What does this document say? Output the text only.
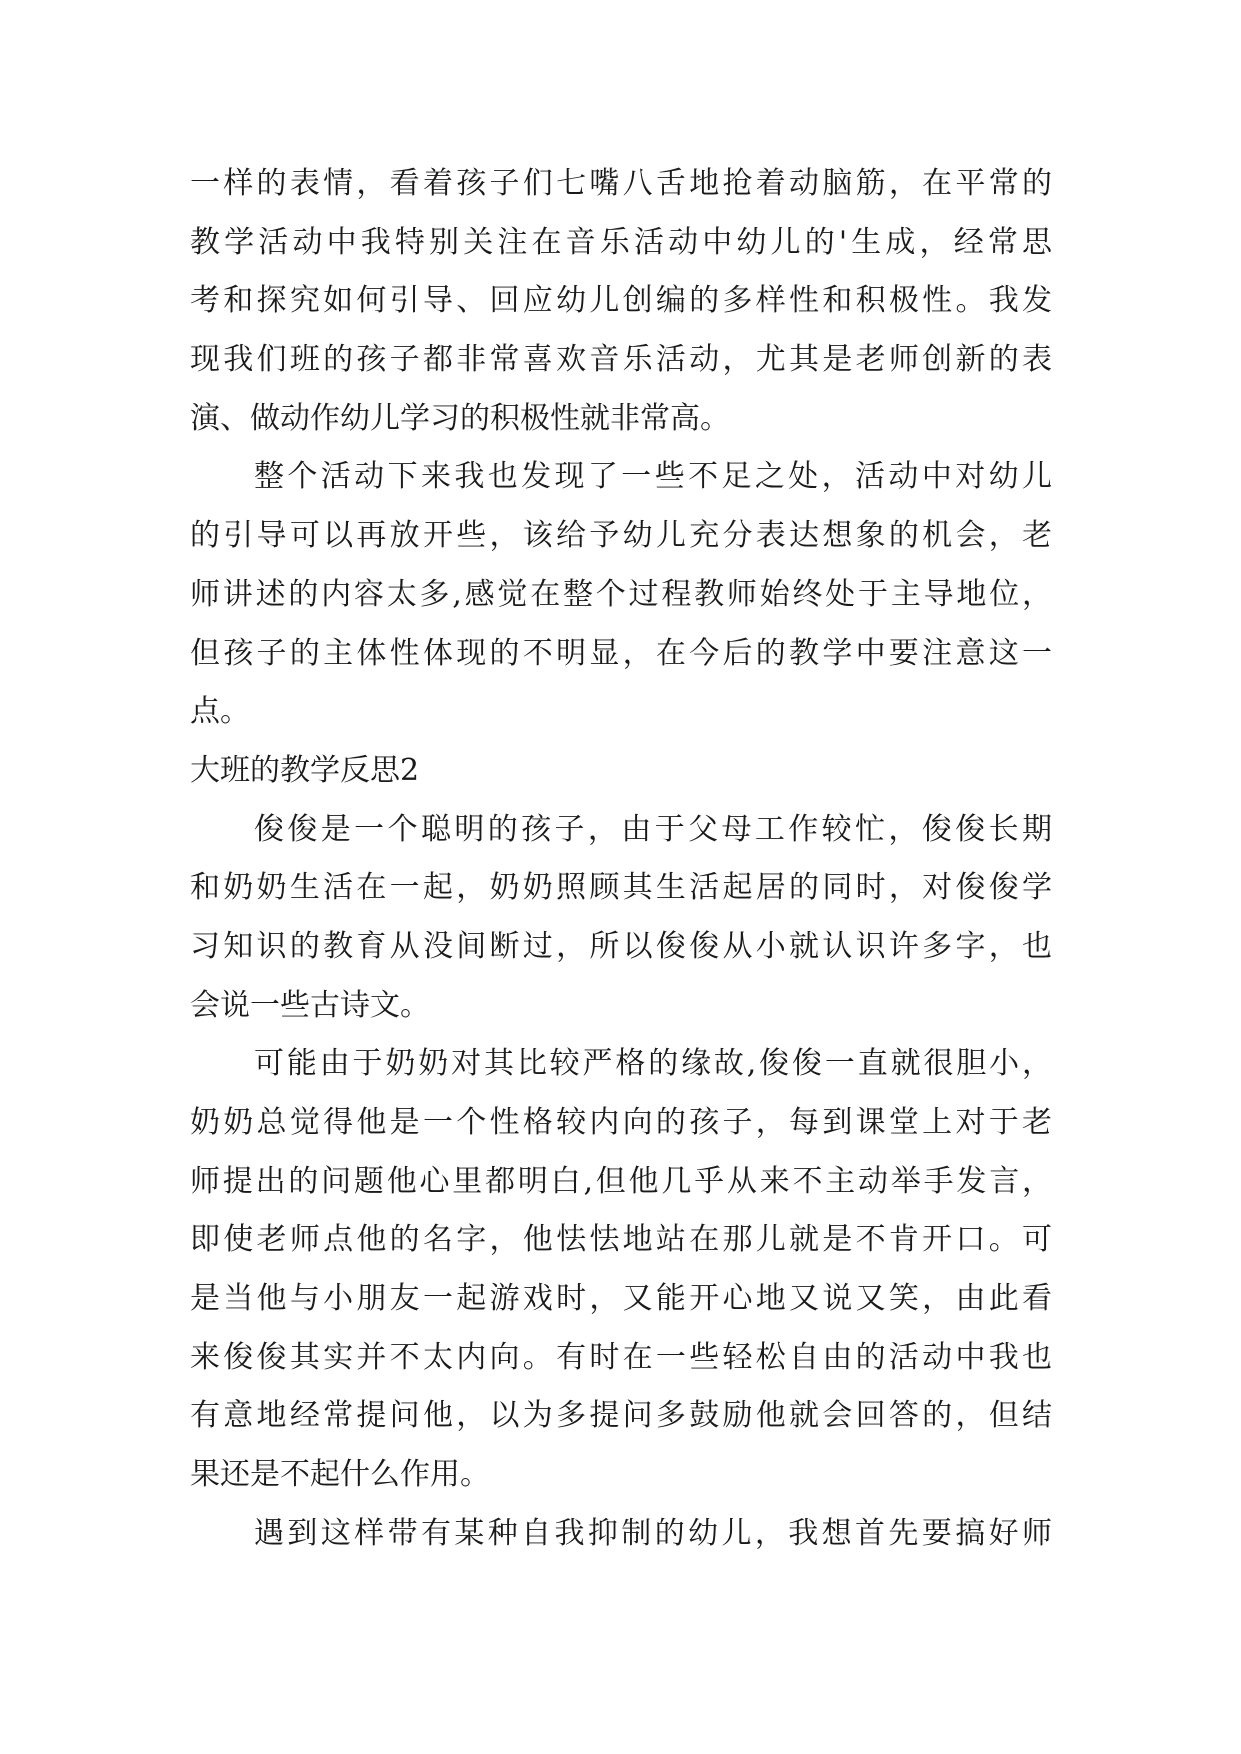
一样的表情，看着孩子们七嘴八舌地抢着动脑筋，在平常的
教学活动中我特别关注在音乐活动中幼儿的'生成，经常思
考和探究如何引导、回应幼儿创编的多样性和积极性。我发
现我们班的孩子都非常喜欢音乐活动，尤其是老师创新的表
演、做动作幼儿学习的积极性就非常高。
整个活动下来我也发现了一些不足之处，活动中对幼儿
的引导可以再放开些，该给予幼儿充分表达想象的机会，老
师讲述的内容太多,感觉在整个过程教师始终处于主导地位，
但孩子的主体性体现的不明显，在今后的教学中要注意这一
点。
大班的教学反思2
俊俊是一个聪明的孩子，由于父母工作较忙，俊俊长期
和奶奶生活在一起，奶奶照顾其生活起居的同时，对俊俊学
习知识的教育从没间断过，所以俊俊从小就认识许多字，也
会说一些古诗文。
可能由于奶奶对其比较严格的缘故,俊俊一直就很胆小，
奶奶总觉得他是一个性格较内向的孩子，每到课堂上对于老
师提出的问题他心里都明白,但他几乎从来不主动举手发言，
即使老师点他的名字，他怯怯地站在那儿就是不肯开口。可
是当他与小朋友一起游戏时，又能开心地又说又笑，由此看
来俊俊其实并不太内向。有时在一些轻松自由的活动中我也
有意地经常提问他，以为多提问多鼓励他就会回答的，但结
果还是不起什么作用。
遇到这样带有某种自我抑制的幼儿，我想首先要搞好师
